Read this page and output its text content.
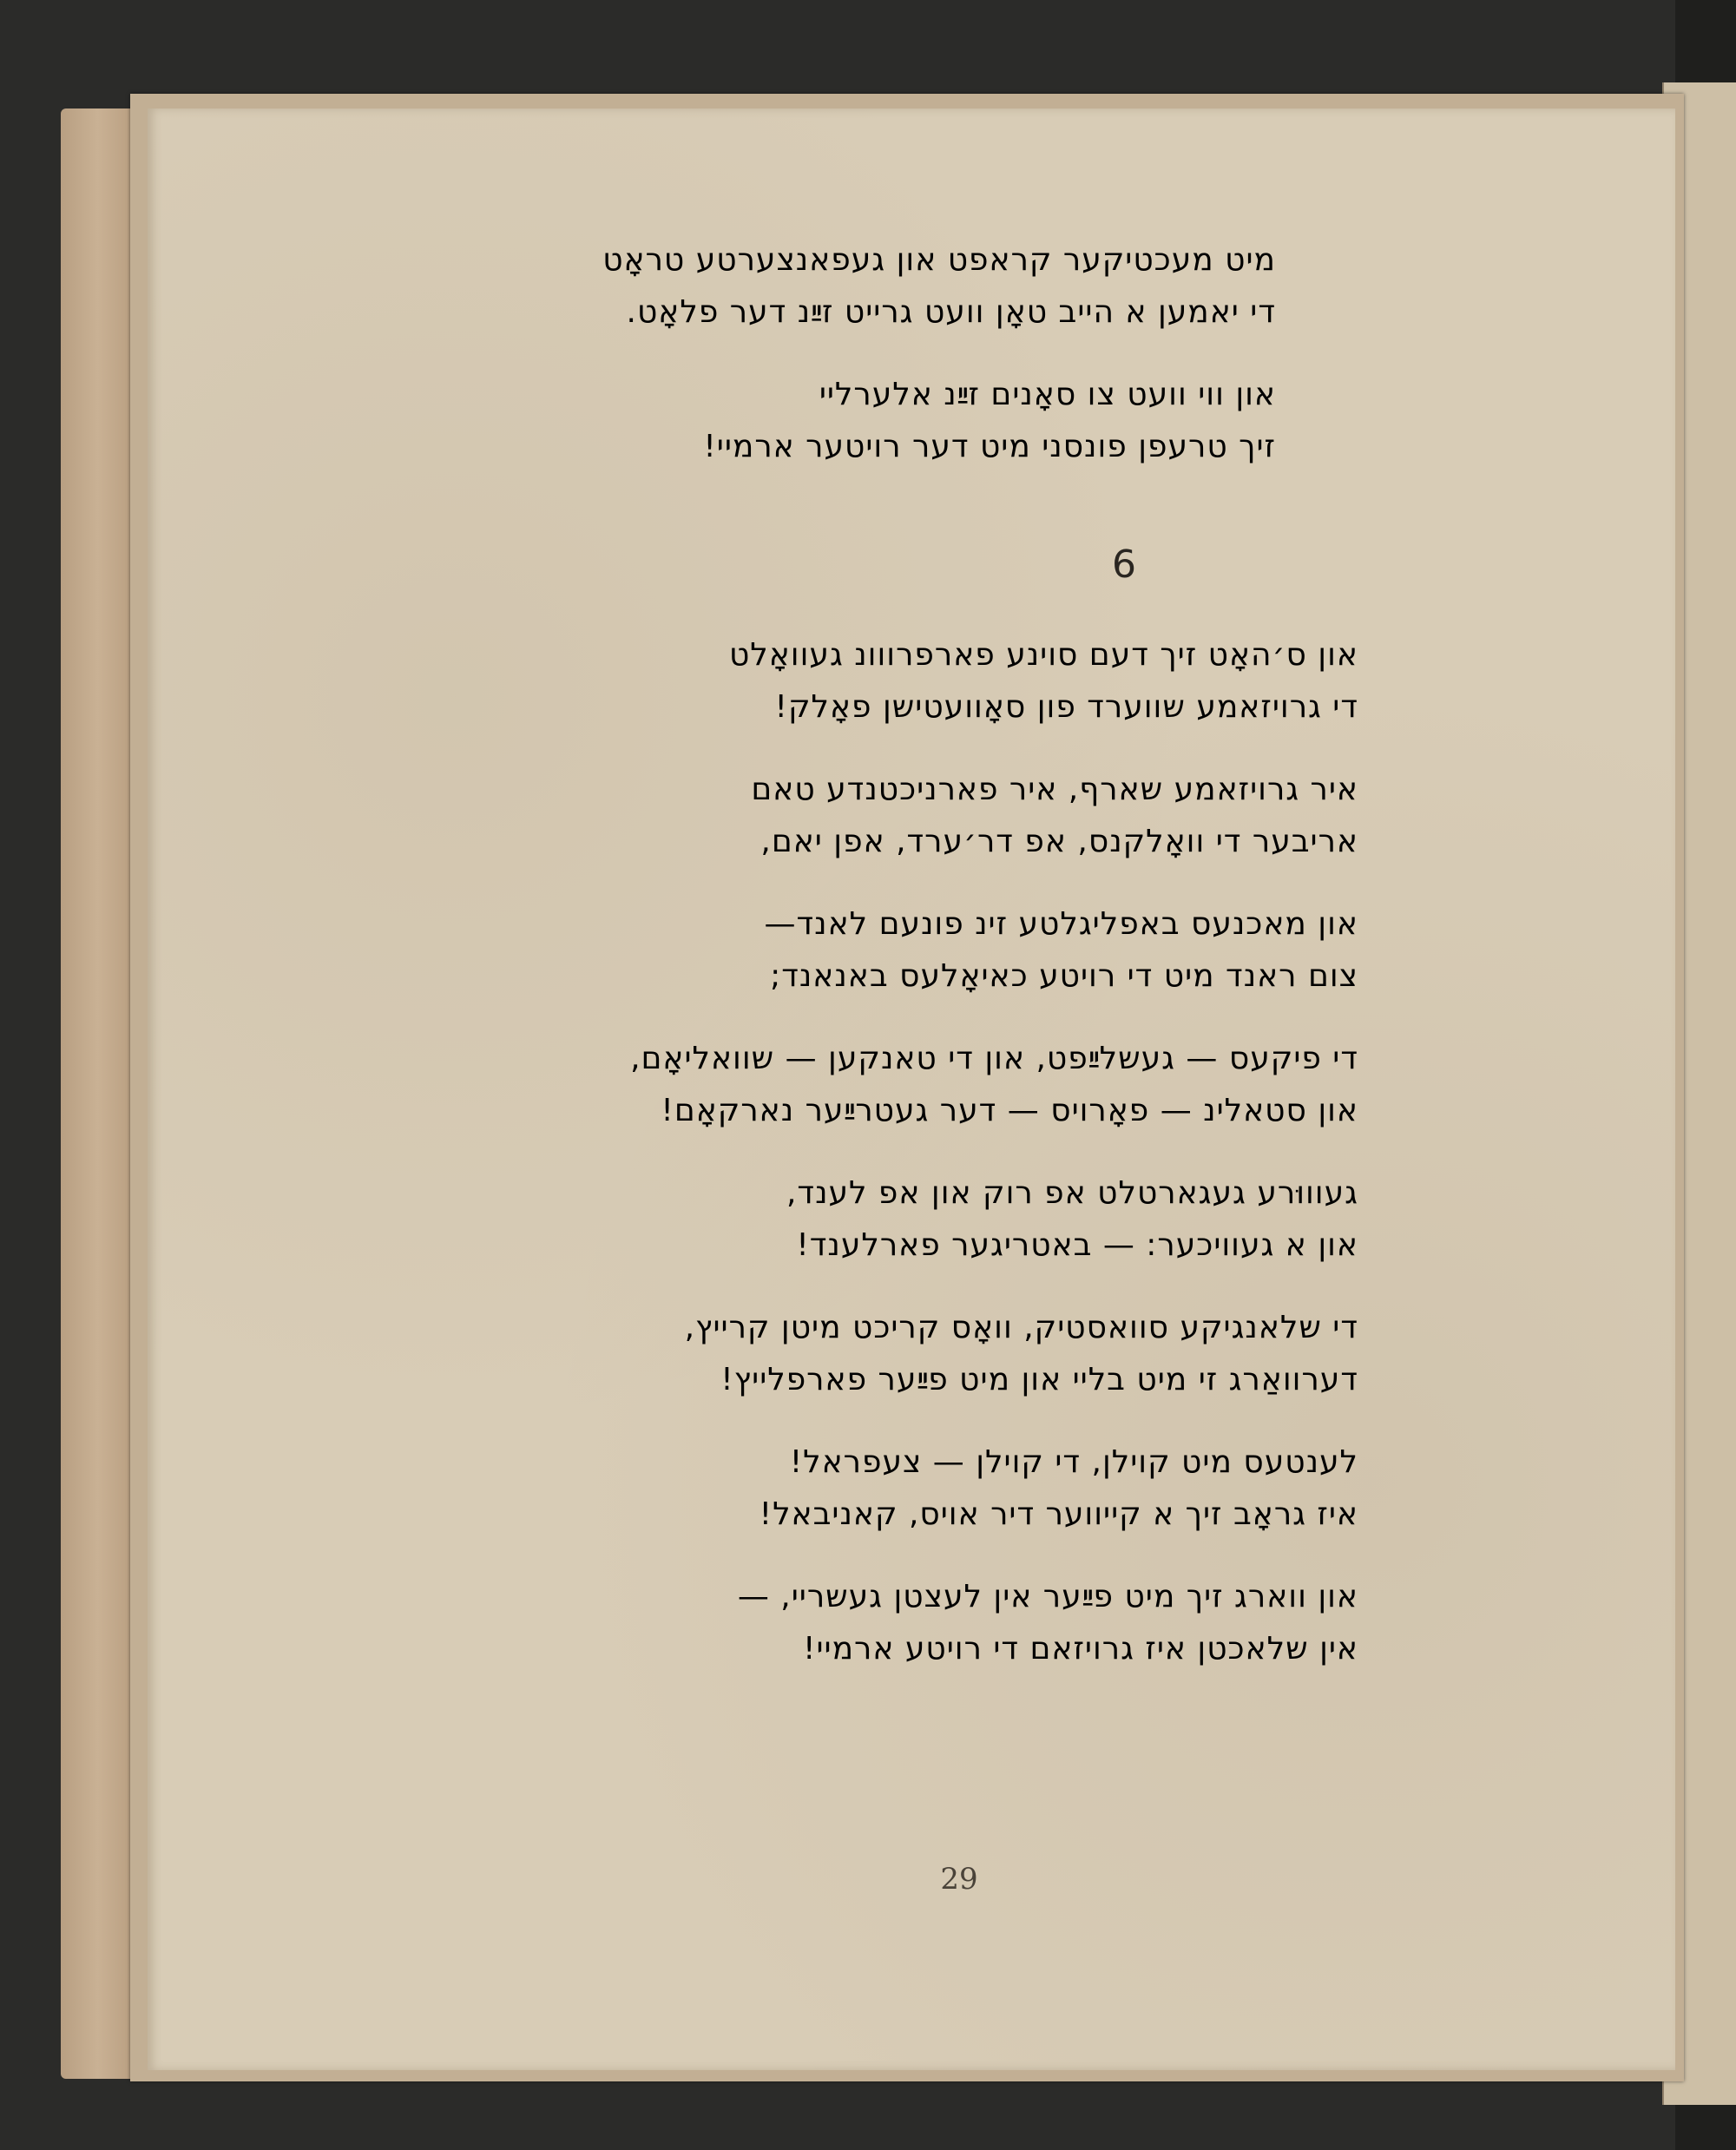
מיט מעכטיקער קראפט און געפאנצערטע טראָט
די יאמען א הייב טאָן וועט גרייט זײַנ דער פלאָט.
און ווי וועט צו סאָנים זײַנ אלערליי
זיך טרעפן פונסני מיט דער רויטער ארמיי!
6
און ס׳האָט זיך דעם סוינע פארפרווונ געוואָלט
די גרויזאמע שווערד פון סאָוועטישן פאָלק!
איר גרויזאמע שארף, איר פארניכטנדע טאם
אריבער די וואָלקנס, אפ דר׳ערד, אפן יאם,
און מאכנעס באפליגלטע זינ פונעם לאנד—
צום ראנד מיט די רויטע כאיאָלעס באנאנד;
די פיקעס — געשלײַפט, און די טאנקען — שוואליאָם,
און סטאלינ — פאָרויס — דער געטרײַער נארקאָם!
געוווּרע געגארטלט אפ רוק און אפ לענד,
און א געוויכער: — באטריגער פארלענד!
די שלאנגיקע סוואסטיק, וואָס קריכט מיטן קרייץ,
דערוואַרג זי מיט בליי און מיט פײַער פארפלייץ!
לענטעס מיט קוילן, די קוילן — צעפראל!
איז גראָב זיך א קייווער דיר אויס, קאניבאל!
און ווארג זיך מיט פײַער אין לעצטן געשריי, —
אין שלאכטן איז גרויזאם די רויטע ארמיי!
29
